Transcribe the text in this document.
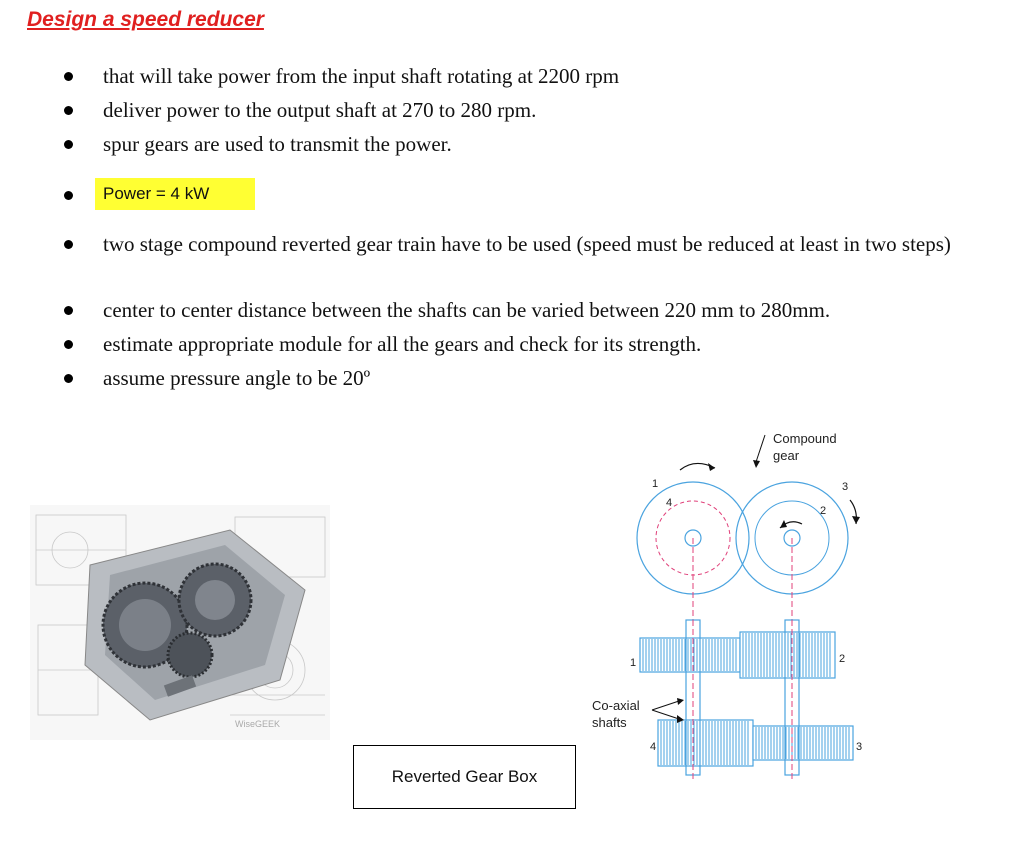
Design a speed reducer
that will take power from the input shaft rotating at 2200 rpm
deliver power to the output shaft at 270 to 280 rpm.
spur gears are used to transmit the power.
Power = 4 kW
two stage compound reverted gear train have to be used (speed must be reduced at least in two steps)
center to center distance between the shafts can be varied between 220 mm to 280mm.
estimate appropriate module for all the gears and check for its strength.
assume pressure angle to be 20º
WiseGEEK
Reverted Gear Box
Compound
gear
1
4
2
3
1	2
4	3
Co-axial
shafts
